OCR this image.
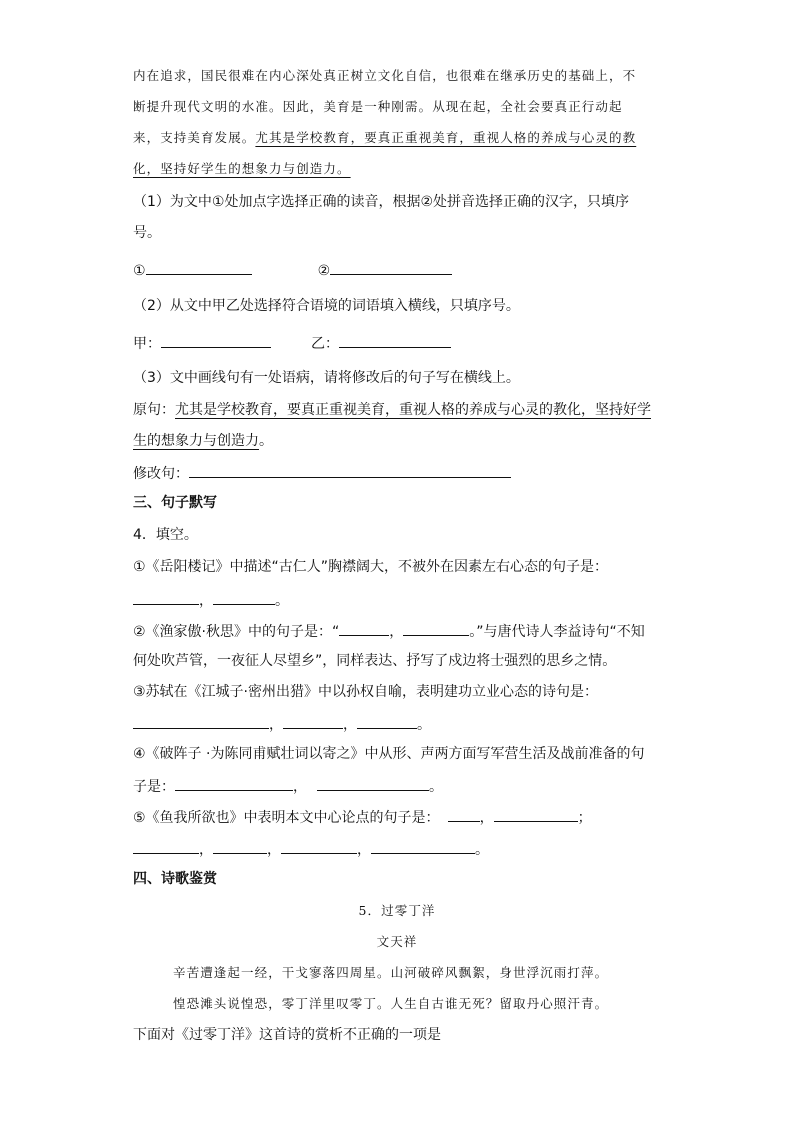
内在追求，国民很难在内心深处真正树立文化自信，也很难在继承历史的基础上，不
断提升现代文明的水准。因此，美育是一种刚需。从现在起，全社会要真正行动起
来，支持美育发展。尤其是学校教育，要真正重视美育，重视人格的养成与心灵的教
化，坚持好学生的想象力与创造力。
（1）为文中①处加点字选择正确的读音，根据②处拼音选择正确的汉字，只填序
号。
①	②
（2）从文中甲乙处选择符合语境的词语填入横线，只填序号。
甲：	乙：
（3）文中画线句有一处语病，请将修改后的句子写在横线上。
原句：尤其是学校教育，要真正重视美育，重视人格的养成与心灵的教化，坚持好学
生的想象力与创造力。
修改句：
三、句子默写
4．填空。
①《岳阳楼记》中描述“古仁人”胸襟阔大，不被外在因素左右心态的句子是：
，	。
②《渔家傲·秋思》中的句子是：“	，	。”与唐代诗人李益诗句“不知
何处吹芦管，一夜征人尽望乡”，同样表达、抒写了戍边将士强烈的思乡之情。
③苏轼在《江城子·密州出猎》中以孙权自喻，表明建功立业心态的诗句是：
，	，	。
④《破阵子 ·为陈同甫赋壮词以寄之》中从形、声两方面写军营生活及战前准备的句
子是：	，	。
⑤《鱼我所欲也》中表明本文中心论点的句子是：	，	；
，	，	，	。
四、诗歌鉴赏
5．过零丁洋
文天祥
辛苦遭逢起一经，干戈寥落四周星。山河破碎风飘絮，身世浮沉雨打萍。
惶恐滩头说惶恐，零丁洋里叹零丁。人生自古谁无死？留取丹心照汗青。
下面对《过零丁洋》这首诗的赏析不正确的一项是
